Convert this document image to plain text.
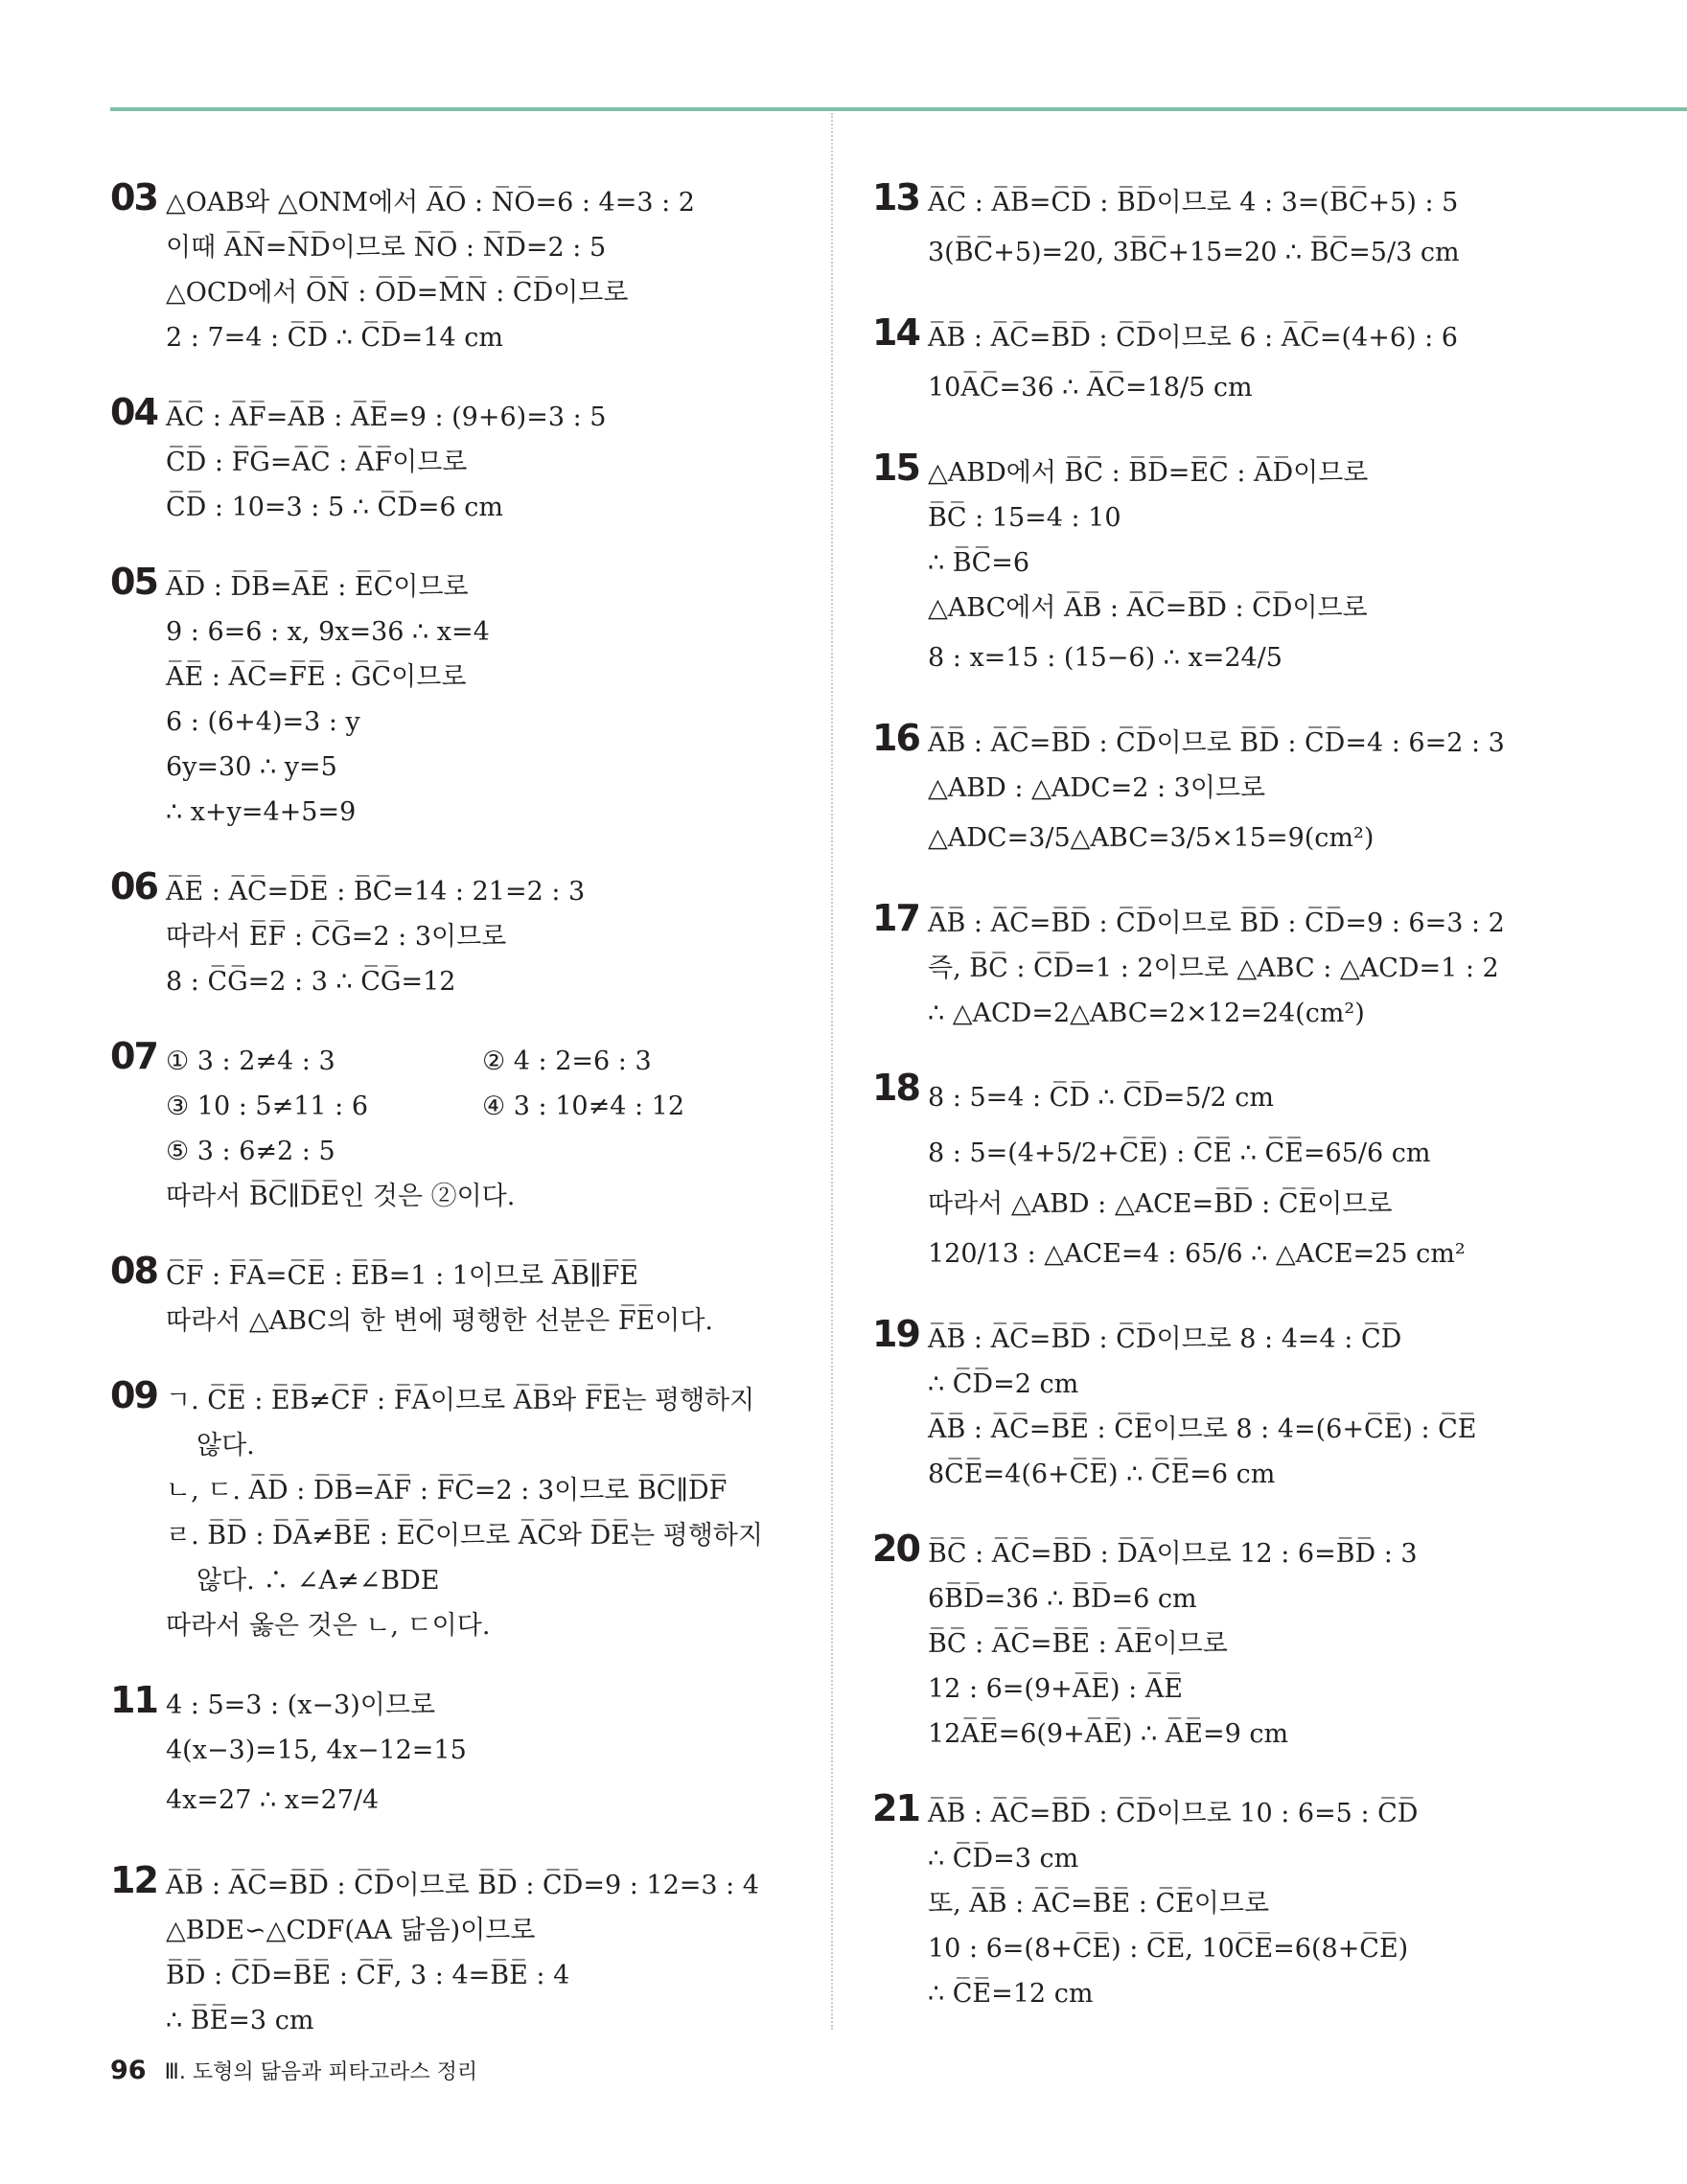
03 △OAB와 △ONM에서 A̅O̅ : N̅O̅=6 : 4=3 : 2
이때 A̅N̅=N̅D̅이므로 N̅O̅ : N̅D̅=2 : 5
△OCD에서 O̅N̅ : O̅D̅=M̅N̅ : C̅D̅이므로
2 : 7=4 : C̅D̅ ∴ C̅D̅=14 cm
04 A̅C̅ : A̅F̅=A̅B̅ : A̅E̅=9 : (9+6)=3 : 5
C̅D̅ : F̅G̅=A̅C̅ : A̅F̅이므로
C̅D̅ : 10=3 : 5 ∴ C̅D̅=6 cm
05 A̅D̅ : D̅B̅=A̅E̅ : E̅C̅이므로
9 : 6=6 : x, 9x=36 ∴ x=4
A̅E̅ : A̅C̅=F̅E̅ : G̅C̅이므로
6 : (6+4)=3 : y
6y=30 ∴ y=5
∴ x+y=4+5=9
06 A̅E̅ : A̅C̅=D̅E̅ : B̅C̅=14 : 21=2 : 3
따라서 E̅F̅ : C̅G̅=2 : 3이므로
8 : C̅G̅=2 : 3 ∴ C̅G̅=12
07 ① 3 : 2≠4 : 3	② 4 : 2=6 : 3
③ 10 : 5≠11 : 6	④ 3 : 10≠4 : 12
⑤ 3 : 6≠2 : 5
따라서 B̅C̅∥D̅E̅인 것은 ②이다.
08 C̅F̅ : F̅A̅=C̅E̅ : E̅B̅=1 : 1이므로 A̅B̅∥F̅E̅
따라서 △ABC의 한 변에 평행한 선분은 F̅E̅이다.
09 ㄱ. C̅E̅ : E̅B̅≠C̅F̅ : F̅A̅이므로 A̅B̅와 F̅E̅는 평행하지
않다.
ㄴ, ㄷ. A̅D̅ : D̅B̅=A̅F̅ : F̅C̅=2 : 3이므로 B̅C̅∥D̅F̅
ㄹ. B̅D̅ : D̅A̅≠B̅E̅ : E̅C̅이므로 A̅C̅와 D̅E̅는 평행하지
않다. ∴ ∠A≠∠BDE
따라서 옳은 것은 ㄴ, ㄷ이다.
11 4 : 5=3 : (x−3)이므로
4(x−3)=15, 4x−12=15
4x=27 ∴ x=27/4
12 A̅B̅ : A̅C̅=B̅D̅ : C̅D̅이므로 B̅D̅ : C̅D̅=9 : 12=3 : 4
△BDE∽△CDF(AA 닮음)이므로
B̅D̅ : C̅D̅=B̅E̅ : C̅F̅, 3 : 4=B̅E̅ : 4
∴ B̅E̅=3 cm
13 A̅C̅ : A̅B̅=C̅D̅ : B̅D̅이므로 4 : 3=(B̅C̅+5) : 5
3(B̅C̅+5)=20, 3B̅C̅+15=20 ∴ B̅C̅=5/3 cm
14 A̅B̅ : A̅C̅=B̅D̅ : C̅D̅이므로 6 : A̅C̅=(4+6) : 6
10A̅C̅=36 ∴ A̅C̅=18/5 cm
15 △ABD에서 B̅C̅ : B̅D̅=E̅C̅ : A̅D̅이므로
B̅C̅ : 15=4 : 10
∴ B̅C̅=6
△ABC에서 A̅B̅ : A̅C̅=B̅D̅ : C̅D̅이므로
8 : x=15 : (15−6) ∴ x=24/5
16 A̅B̅ : A̅C̅=B̅D̅ : C̅D̅이므로 B̅D̅ : C̅D̅=4 : 6=2 : 3
△ABD : △ADC=2 : 3이므로
△ADC=3/5△ABC=3/5×15=9(cm²)
17 A̅B̅ : A̅C̅=B̅D̅ : C̅D̅이므로 B̅D̅ : C̅D̅=9 : 6=3 : 2
즉, B̅C̅ : C̅D̅=1 : 2이므로 △ABC : △ACD=1 : 2
∴ △ACD=2△ABC=2×12=24(cm²)
18 8 : 5=4 : C̅D̅ ∴ C̅D̅=5/2 cm
8 : 5=(4+5/2+C̅E̅) : C̅E̅ ∴ C̅E̅=65/6 cm
따라서 △ABD : △ACE=B̅D̅ : C̅E̅이므로
120/13 : △ACE=4 : 65/6 ∴ △ACE=25 cm²
19 A̅B̅ : A̅C̅=B̅D̅ : C̅D̅이므로 8 : 4=4 : C̅D̅
∴ C̅D̅=2 cm
A̅B̅ : A̅C̅=B̅E̅ : C̅E̅이므로 8 : 4=(6+C̅E̅) : C̅E̅
8C̅E̅=4(6+C̅E̅) ∴ C̅E̅=6 cm
20 B̅C̅ : A̅C̅=B̅D̅ : D̅A̅이므로 12 : 6=B̅D̅ : 3
6B̅D̅=36 ∴ B̅D̅=6 cm
B̅C̅ : A̅C̅=B̅E̅ : A̅E̅이므로
12 : 6=(9+A̅E̅) : A̅E̅
12A̅E̅=6(9+A̅E̅) ∴ A̅E̅=9 cm
21 A̅B̅ : A̅C̅=B̅D̅ : C̅D̅이므로 10 : 6=5 : C̅D̅
∴ C̅D̅=3 cm
또, A̅B̅ : A̅C̅=B̅E̅ : C̅E̅이므로
10 : 6=(8+C̅E̅) : C̅E̅, 10C̅E̅=6(8+C̅E̅)
∴ C̅E̅=12 cm
96 Ⅲ. 도형의 닮음과 피타고라스 정리
